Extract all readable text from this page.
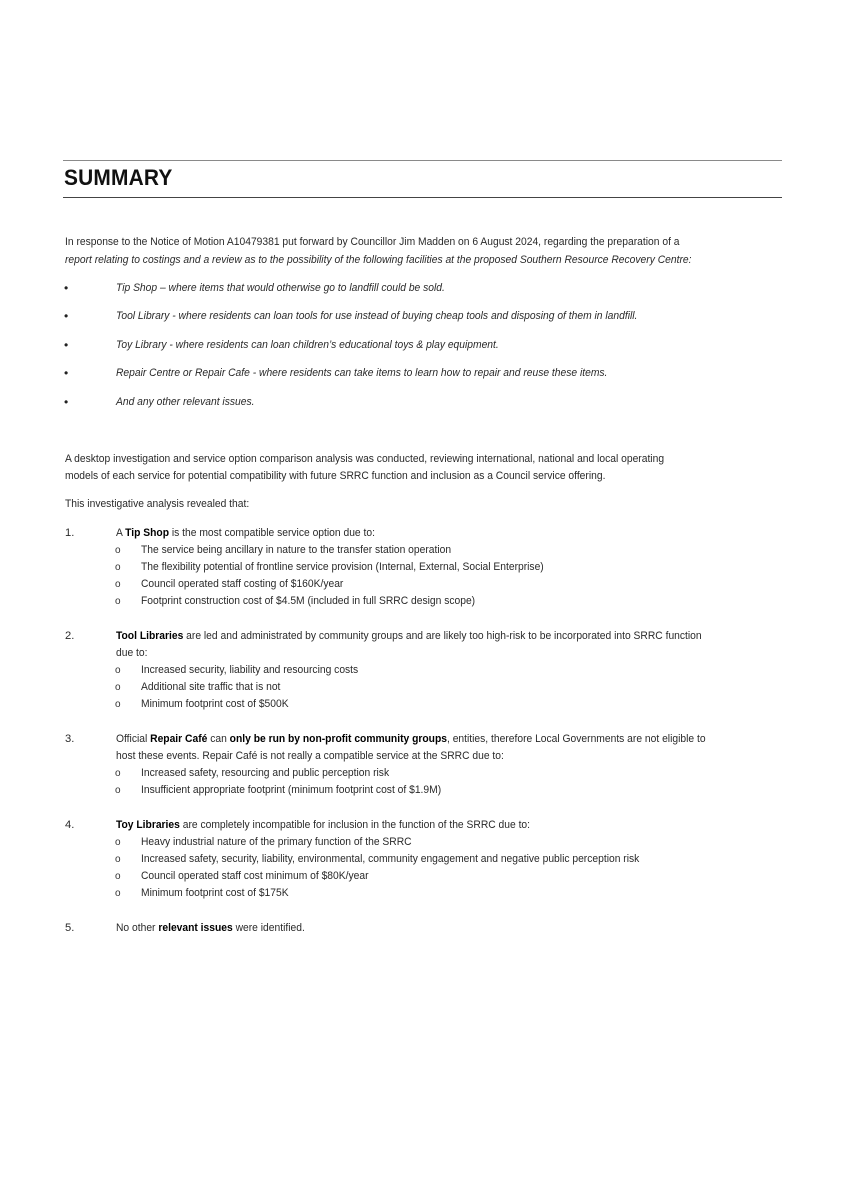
SUMMARY
In response to the Notice of Motion A10479381 put forward by Councillor Jim Madden on 6 August 2024, regarding the preparation of a
report relating to costings and a review as to the possibility of the following facilities at the proposed Southern Resource Recovery Centre:
•	Tip Shop – where items that would otherwise go to landfill could be sold.
•	Tool Library - where residents can loan tools for use instead of buying cheap tools and disposing of them in landfill.
•	Toy Library - where residents can loan children’s educational toys & play equipment.
•	Repair Centre or Repair Cafe - where residents can take items to learn how to repair and reuse these items.
•	And any other relevant issues.
A desktop investigation and service option comparison analysis was conducted, reviewing international, national and local operating
models of each service for potential compatibility with future SRRC function and inclusion as a Council service offering.
This investigative analysis revealed that:
1.	A Tip Shop is the most compatible service option due to:
o The service being ancillary in nature to the transfer station operation
o The flexibility potential of frontline service provision (Internal, External, Social Enterprise)
o Council operated staff costing of $160K/year
o Footprint construction cost of $4.5M (included in full SRRC design scope)
2.	Tool Libraries are led and administrated by community groups and are likely too high-risk to be incorporated into SRRC function
due to:
o Increased security, liability and resourcing costs
o Additional site traffic that is not
o Minimum footprint cost of $500K
3.	Official Repair Café can only be run by non-profit community groups, entities, therefore Local Governments are not eligible to
host these events. Repair Café is not really a compatible service at the SRRC due to:
o Increased safety, resourcing and public perception risk
o Insufficient appropriate footprint (minimum footprint cost of $1.9M)
4.	Toy Libraries are completely incompatible for inclusion in the function of the SRRC due to:
o Heavy industrial nature of the primary function of the SRRC
o Increased safety, security, liability, environmental, community engagement and negative public perception risk
o Council operated staff cost minimum of $80K/year
o Minimum footprint cost of $175K
5.	No other relevant issues were identified.
